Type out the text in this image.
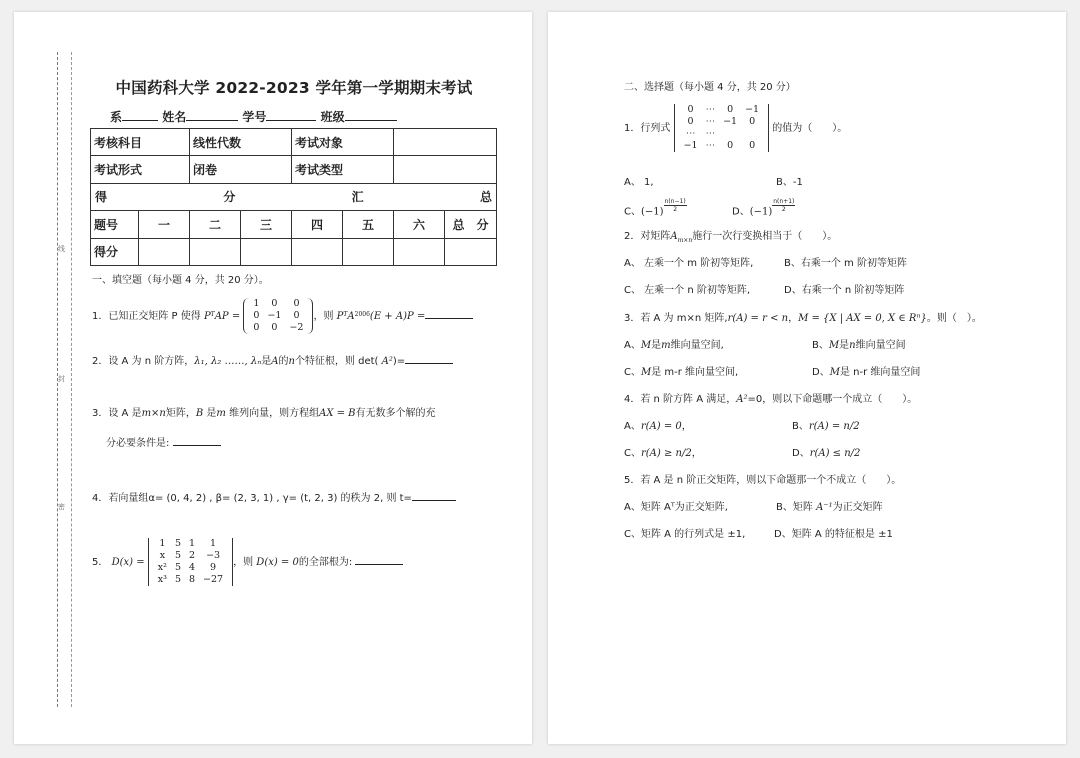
线
封
密
中国药科大学 2022-2023 学年第一学期期末考试
系	姓名	学号	班级
考核科目		线性代数		考试对象			
考试形式		闭卷		考试类型			

得 分 汇 总							

题号	一	二	三	四	五	六	总　分
得分							
一、填空题（每小题 4 分，共 20 分）。
1．已知正交矩阵 P 使得 $P^TAP$ =
1	0	0
0	−1	0
0	0	−2
，则 $P^TA^{2006}(E + A)P$ =
2．设 A 为 n 阶方阵，λ₁, λ₂ ……, λₙ是A的n个特征根，则 det( A²)=
3．设 A 是m×n矩阵，B 是m 维列向量，则方程组AX = B有无数多个解的充
分必要条件是:
4．若向量组α= (0, 4, 2) , β= (2, 3, 1) , γ= (t, 2, 3) 的秩为 2, 则 t=
5． D(x) =
1	5	1	1
x	5	2	−3
x²	5	4	9
x³	5	8	−27
，则 D(x) = 0的全部根为:
二、选择题（每小题 4 分，共 20 分）
1．行列式
0	⋯	0	−1
0	⋯	−1	0
⋯	⋯		
−1	⋯	0	0
的值为（　　）。
A、 1,	B、-1
C、$(-1) \frac{n(n-1)}{2}$	D、$(-1) \frac{n(n+1)}{2}$
2．对矩阵$A_{m\times n}$施行一次行变换相当于（　　）。
A、 左乘一个 m 阶初等矩阵,	B、右乘一个 m 阶初等矩阵
C、 左乘一个 n 阶初等矩阵,	D、右乘一个 n 阶初等矩阵
3．若 A 为 m×n 矩阵,r(A) = r < n，M = {X | AX = 0, X ∈ Rⁿ}。则（　）。
A、M是m维向量空间,	B、M是n维向量空间
C、M是 m-r 维向量空间,	D、M是 n-r 维向量空间
4．若 n 阶方阵 A 满足，A²=0，则以下命题哪一个成立（　　）。
A、r(A) = 0，	B、r(A) = n/2
C、r(A) ≥ n/2，	D、r(A) ≤ n/2
5．若 A 是 n 阶正交矩阵，则以下命题那一个不成立（　　）。
A、矩阵 Aᵀ为正交矩阵,	B、矩阵 A⁻¹为正交矩阵
C、矩阵 A 的行列式是 ±1,	D、矩阵 A 的特征根是 ±1
